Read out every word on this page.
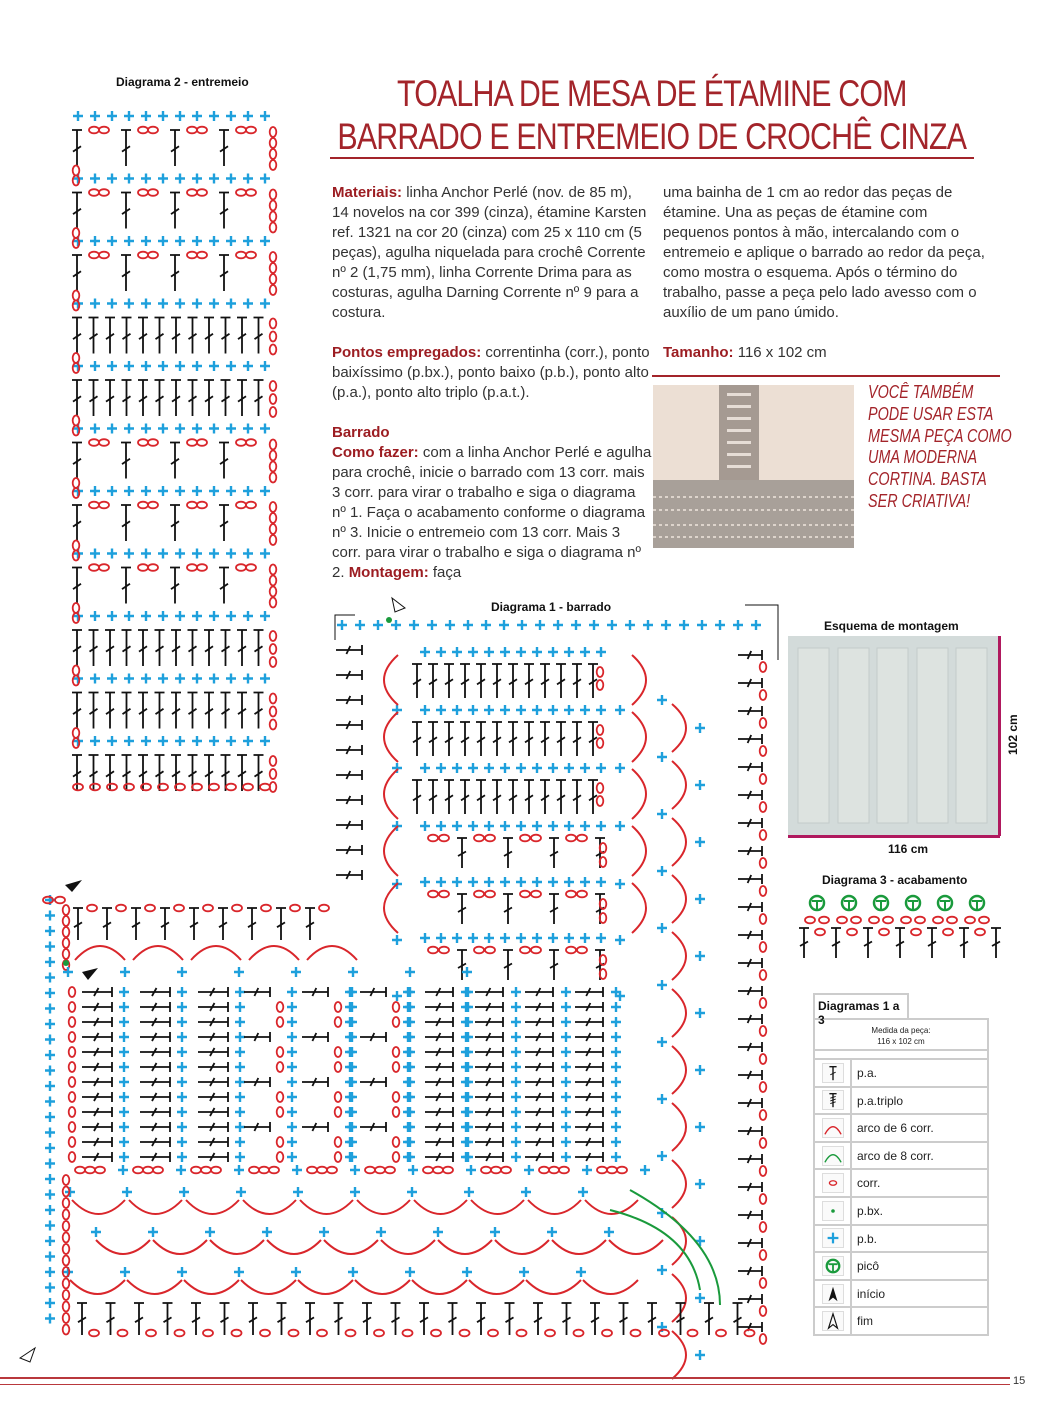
TOALHA DE MESA DE ÉTAMINE COM
BARRADO E ENTREMEIO DE CROCHÊ CINZA

Materiais: linha Anchor Perlé (nov. de 85 m), 14 novelos na cor 399 (cinza), étamine Karsten ref. 1321 na cor 20 (cinza) com 25 x 110 cm (5 peças), agulha niquelada para crochê Corrente nº 2 (1,75 mm), linha Corrente Drima para as costuras, agulha Darning Corrente nº 9 para a costura.

Pontos empregados: correntinha (corr.), ponto baixíssimo (p.bx.), ponto baixo (p.b.), ponto alto (p.a.), ponto alto triplo (p.a.t.).

Barrado
Como fazer: com a linha Anchor Perlé e agulha para crochê, inicie o barrado com 13 corr. mais 3 corr. para virar o trabalho e siga o diagrama nº 1. Faça o acabamento conforme o diagrama nº 3. Inicie o entremeio com 13 corr. Mais 3 corr. para virar o trabalho e siga o diagrama nº 2. Montagem: faça

uma bainha de 1 cm ao redor das peças de étamine. Una as peças de étamine com pequenos pontos à mão, intercalando com o entremeio e aplique o barrado ao redor da peça, como mostra o esquema. Após o término do trabalho, passe a peça pelo lado avesso com o auxílio de um pano úmido.

Tamanho: 116 x 102 cm

VOCÊ TAMBÉM
PODE USAR ESTA
MESMA PEÇA COMO
UMA MODERNA
CORTINA. BASTA
SER CRIATIVA!
Diagrama 2 - entremeio
Diagrama 1 - barrado
Esquema de montagem
116 cm
102 cm
Diagrama 3 - acabamento
Diagramas 1 a 3
Medida da peça:
116 x 102 cm
p.a.
p.a.triplo
arco de 6 corr.
arco de 8 corr.
corr.
p.bx.
p.b.
picô
início
fim
15
